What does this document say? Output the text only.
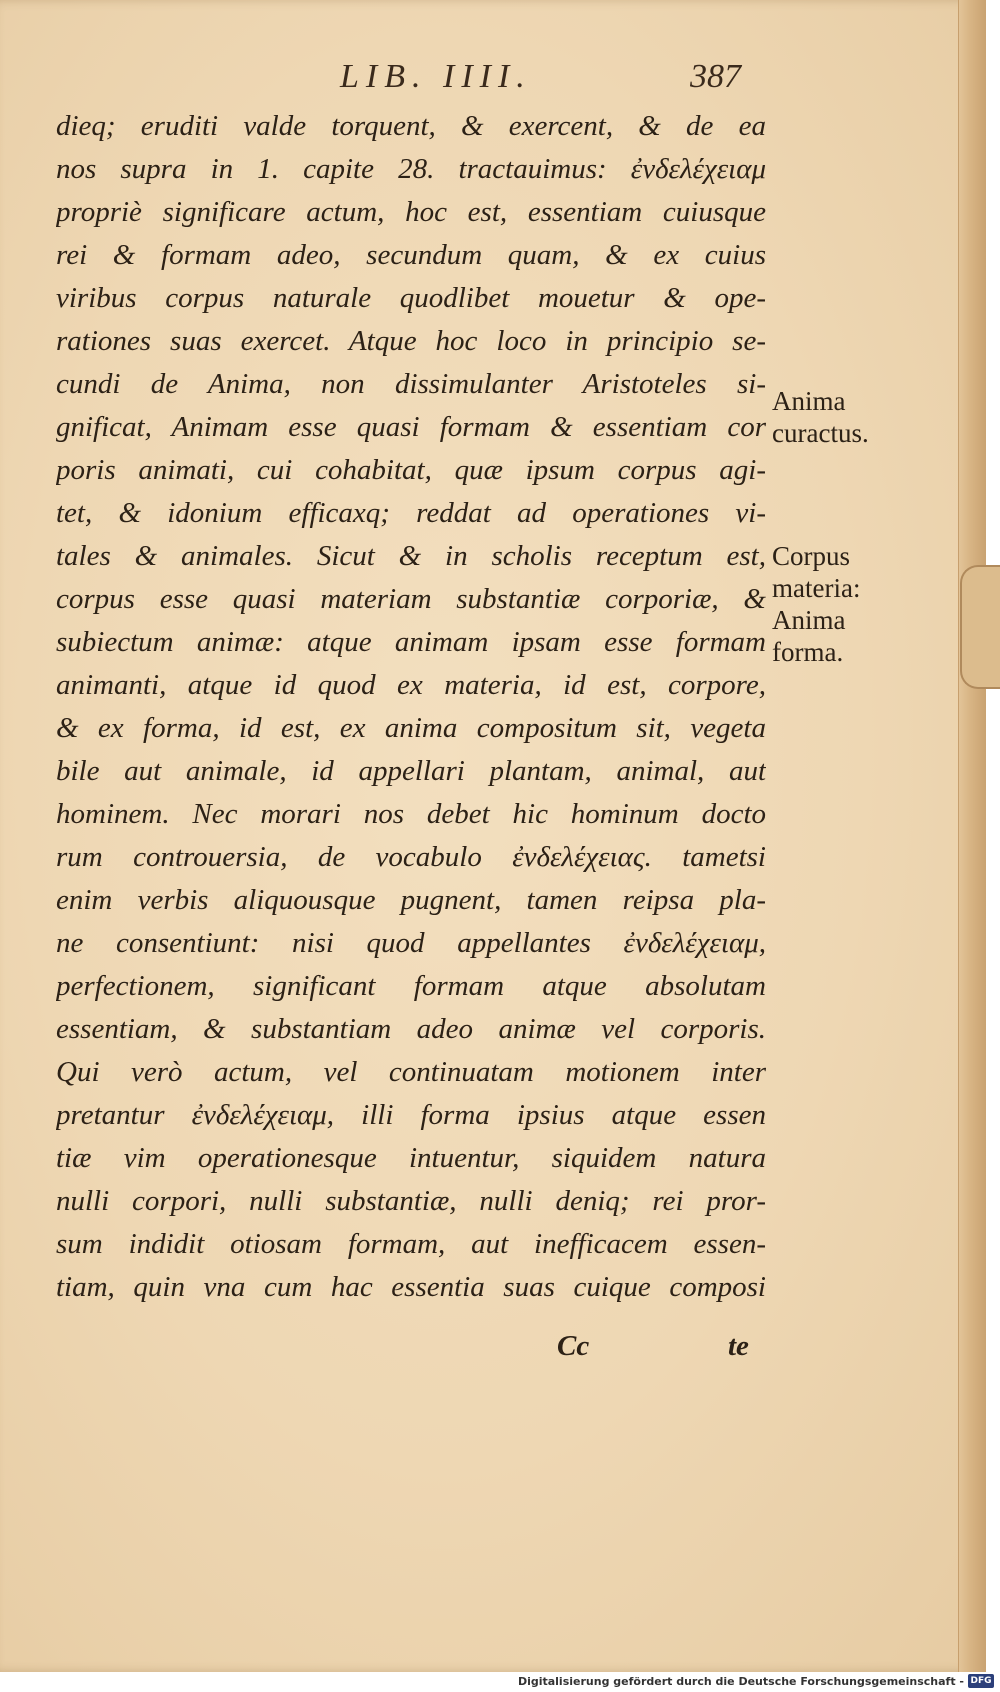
LIB. IIII.	387
dieq; eruditi valde torquent, & exercent, & de ea
nos supra in 1. capite 28. tractauimus: ἐνδελέχειαμ
propriè significare actum, hoc est, essentiam cuiusque
rei & formam adeo, secundum quam, & ex cuius
viribus corpus naturale quodlibet mouetur & ope-
rationes suas exercet. Atque hoc loco in principio se-
cundi de Anima, non dissimulanter Aristoteles si-
gnificat, Animam esse quasi formam & essentiam cor
poris animati, cui cohabitat, quæ ipsum corpus agi-
tet, & idonium efficaxq; reddat ad operationes vi-
tales & animales. Sicut & in scholis receptum est,
corpus esse quasi materiam substantiæ corporiæ, &
subiectum animæ: atque animam ipsam esse formam
animanti, atque id quod ex materia, id est, corpore,
& ex forma, id est, ex anima compositum sit, vegeta
bile aut animale, id appellari plantam, animal, aut
hominem. Nec morari nos debet hic hominum docto
rum controuersia, de vocabulo ἐνδελέχειας. tametsi
enim verbis aliquousque pugnent, tamen reipsa pla-
ne consentiunt: nisi quod appellantes ἐνδελέχειαμ,
perfectionem, significant formam atque absolutam
essentiam, & substantiam adeo animæ vel corporis.
Qui verò actum, vel continuatam motionem inter
pretantur ἐνδελέχειαμ, illi forma ipsius atque essen
tiæ vim operationesque intuentur, siquidem natura
nulli corpori, nulli substantiæ, nulli deniq; rei pror-
sum indidit otiosam formam, aut inefficacem essen-
tiam, quin vna cum hac essentia suas cuique composi
Anima
curactus.
Corpus
materia:
Anima
forma.
Cc	te
Digitalisierung gefördert durch die Deutsche Forschungsgemeinschaft - DFG
